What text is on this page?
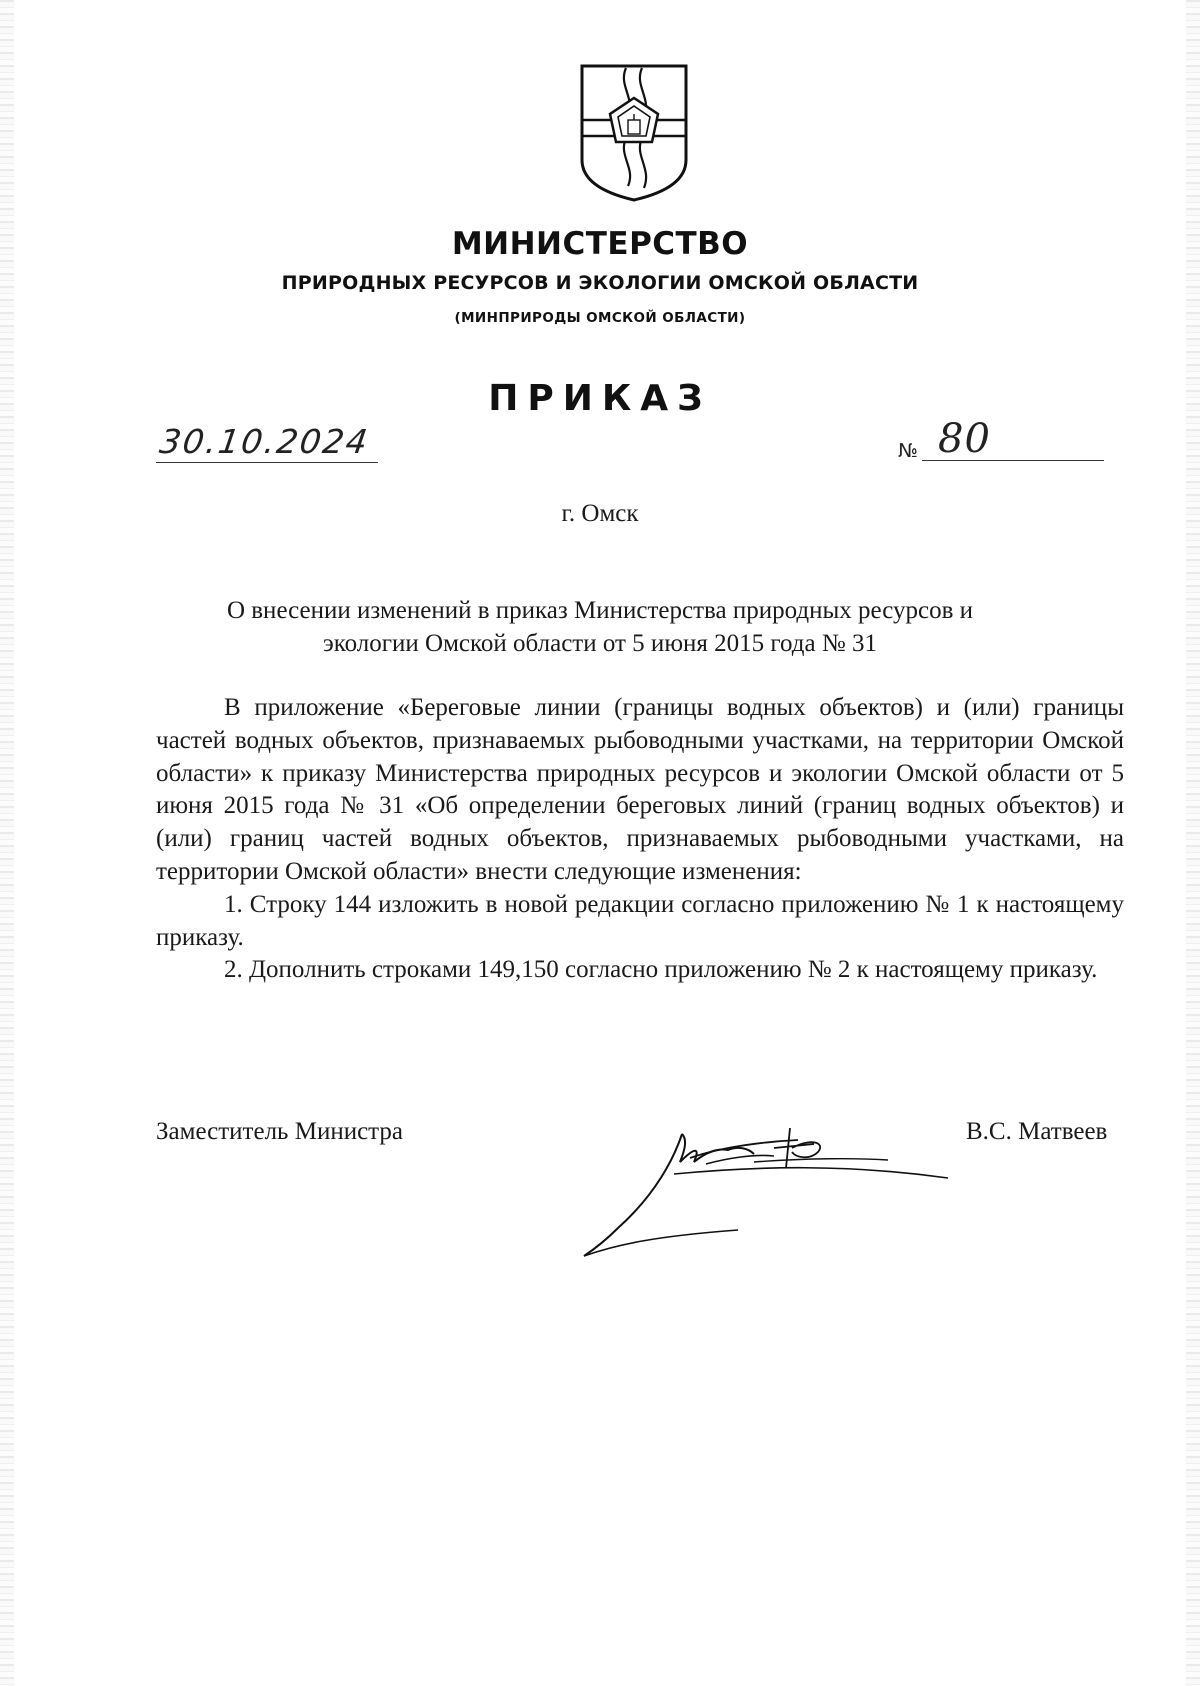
МИНИСТЕРСТВО
ПРИРОДНЫХ РЕСУРСОВ И ЭКОЛОГИИ ОМСКОЙ ОБЛАСТИ
(МИНПРИРОДЫ ОМСКОЙ ОБЛАСТИ)
ПРИКАЗ
30.10.2024	№ 80
г. Омск
О внесении изменений в приказ Министерства природных ресурсов и
экологии Омской области от 5 июня 2015 года № 31

В приложение «Береговые линии (границы водных объектов) и (или) границы частей водных объектов, признаваемых рыбоводными участками, на территории Омской области» к приказу Министерства природных ресурсов и экологии Омской области от 5 июня 2015 года № 31 «Об определении береговых линий (границ водных объектов) и (или) границ частей водных объектов, признаваемых рыбоводными участками, на территории Омской области» внести следующие изменения:

1. Строку 144 изложить в новой редакции согласно приложению № 1 к настоящему приказу.

2. Дополнить строками 149,150 согласно приложению № 2 к настоящему приказу.

Заместитель Министра	В.С. Матвеев
